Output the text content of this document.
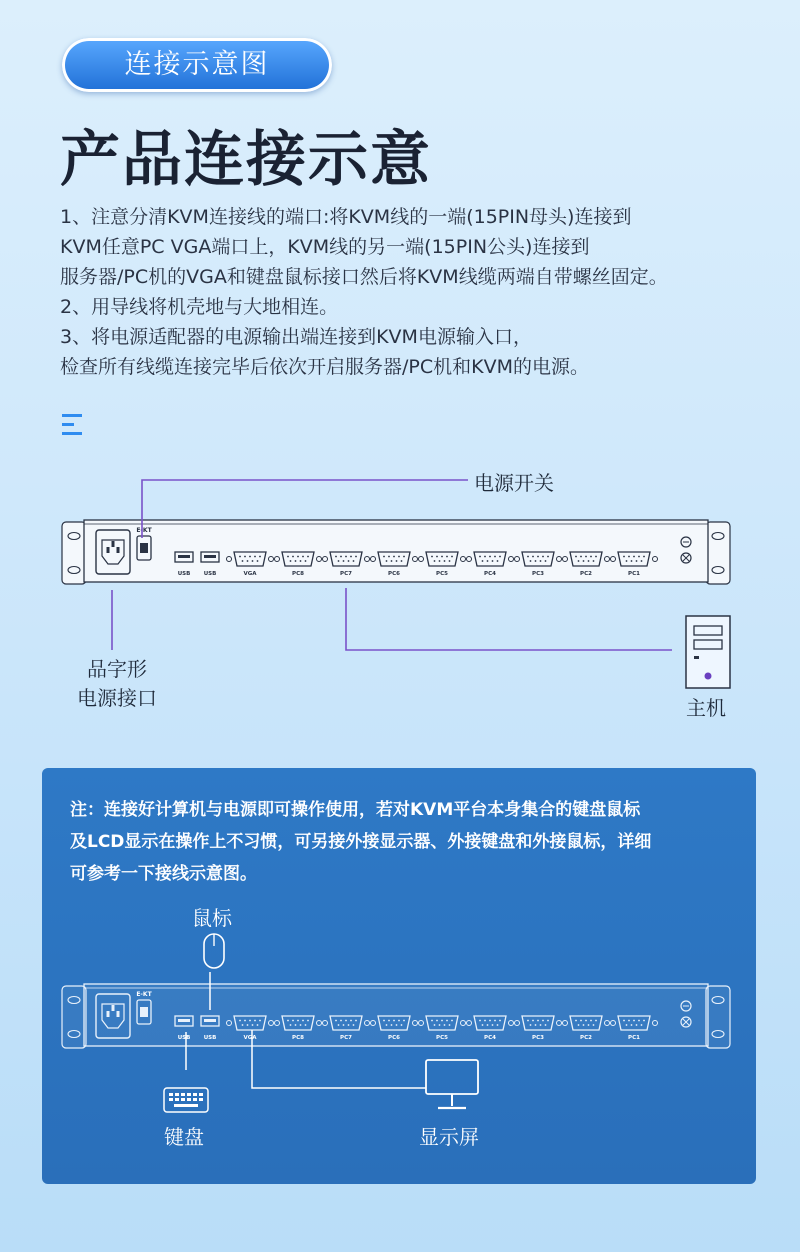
连接示意图
产品连接示意

1、注意分清KVM连接线的端口:将KVM线的一端(15PIN母头)连接到

KVM任意PC VGA端口上，KVM线的另一端(15PIN公头)连接到

服务器/PC机的VGA和键盘鼠标接口然后将KVM线缆两端自带螺丝固定。

2、用导线将机壳地与大地相连。

3、将电源适配器的电源输出端连接到KVM电源输入口，

检查所有线缆连接完毕后依次开启服务器/PC机和KVM的电源。

E-KT
USB USB	VGA	PC8	PC7	PC6	PC5	PC4	PC3	PC2	PC1
电源开关
品字形
电源接口	主机

注：连接好计算机与电源即可操作使用，若对KVM平台本身集合的键盘鼠标

及LCD显示在操作上不习惯，可另接外接显示器、外接键盘和外接鼠标，详细

可参考一下接线示意图。

鼠标
E-KT
USB USB	VGA	PC8	PC7	PC6	PC5	PC4	PC3	PC2	PC1
键盘	显示屏
